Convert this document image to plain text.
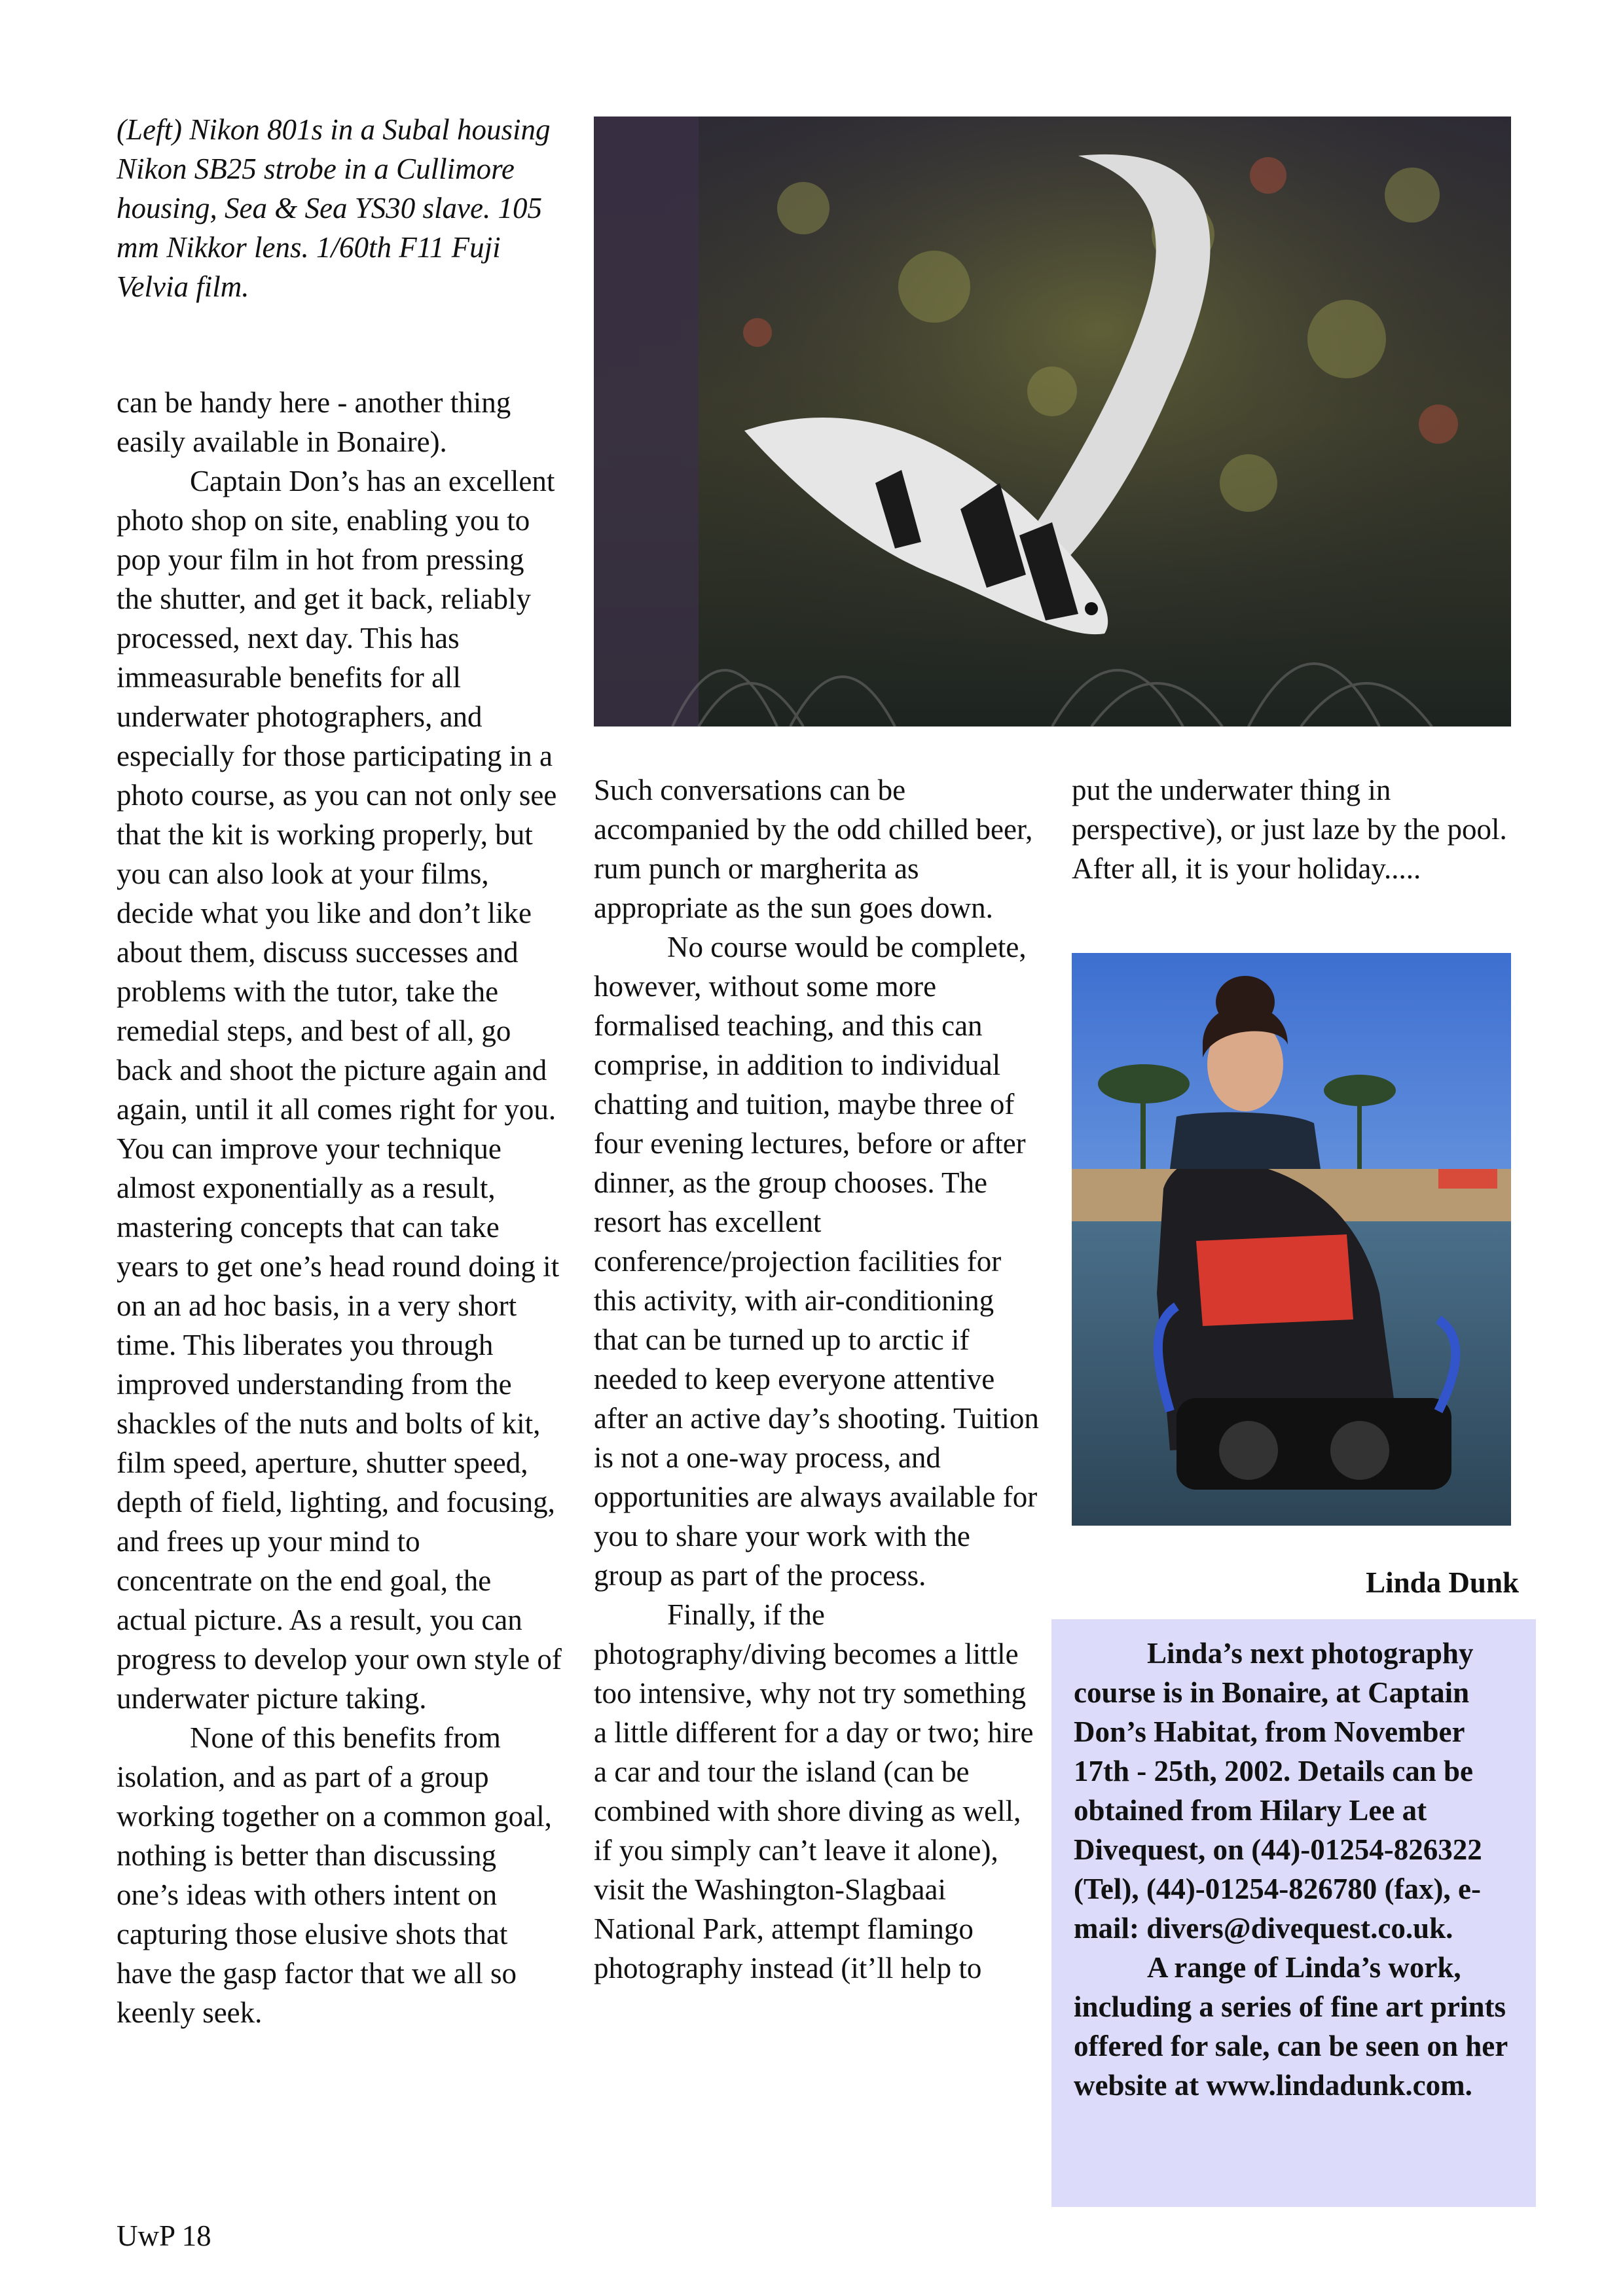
(Left) Nikon 801s in a Subal housing Nikon SB25 strobe in a Cullimore housing, Sea & Sea YS30 slave. 105 mm Nikkor lens. 1/60th F11 Fuji Velvia film.

can be handy here - another thing easily available in Bonaire).

Captain Don’s has an excellent photo shop on site, enabling you to pop your film in hot from pressing the shutter, and get it back, reliably processed, next day. This has immeasurable benefits for all underwater photographers, and especially for those participating in a photo course, as you can not only see that the kit is working properly, but you can also look at your films, decide what you like and don’t like about them, discuss successes and problems with the tutor, take the remedial steps, and best of all, go back and shoot the picture again and again, until it all comes right for you. You can improve your technique almost exponentially as a result, mastering concepts that can take years to get one’s head round doing it on an ad hoc basis, in a very short time. This liberates you through improved understanding from the shackles of the nuts and bolts of kit, film speed, aperture, shutter speed, depth of field, lighting, and focusing, and frees up your mind to concentrate on the end goal, the actual picture. As a result, you can progress to develop your own style of underwater picture taking.

None of this benefits from isolation, and as part of a group working together on a common goal, nothing is better than discussing one’s ideas with others intent on capturing those elusive shots that have the gasp factor that we all so keenly seek.

Such conversations can be accompanied by the odd chilled beer, rum punch or margherita as appropriate as the sun goes down.

No course would be complete, however, without some more formalised teaching, and this can comprise, in addition to individual chatting and tuition, maybe three of four evening lectures, before or after dinner, as the group chooses. The resort has excellent conference/projection facilities for this activity, with air-conditioning that can be turned up to arctic if needed to keep everyone attentive after an active day’s shooting. Tuition is not a one-way process, and opportunities are always available for you to share your work with the group as part of the process.

Finally, if the photography/diving becomes a little too intensive, why not try something a little different for a day or two; hire a car and tour the island (can be combined with shore diving as well, if you simply can’t leave it alone), visit the Washington-Slagbaai National Park, attempt flamingo photography instead (it’ll help to

put the underwater thing in perspective), or just laze by the pool. After all, it is your holiday.....

Linda Dunk

Linda’s next photography course is in Bonaire, at Captain Don’s Habitat, from November 17th - 25th, 2002. Details can be obtained from Hilary Lee at Divequest, on (44)-01254-826322 (Tel), (44)-01254-826780 (fax), e-mail: divers@divequest.co.uk.

A range of Linda’s work, including a series of fine art prints offered for sale, can be seen on her website at www.lindadunk.com.

UwP 18
